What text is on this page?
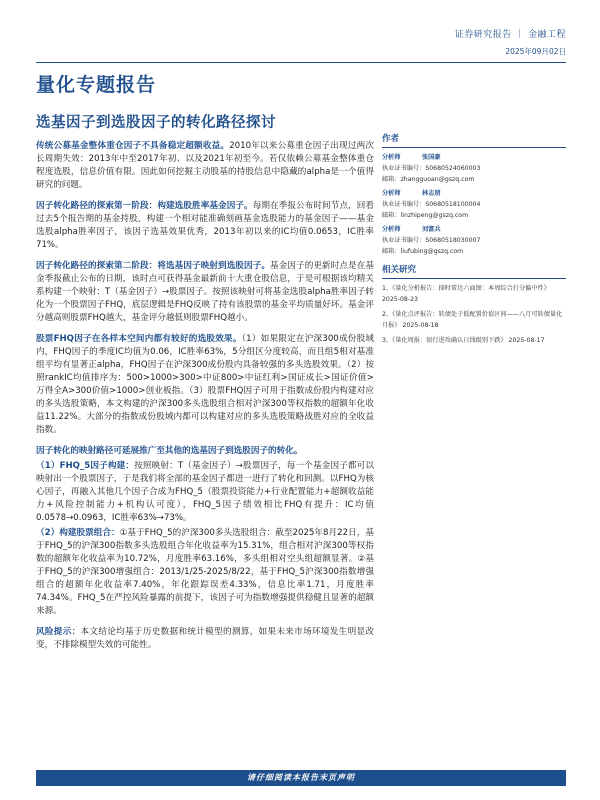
证券研究报告 ｜ 金融工程
2025年09月02日
量化专题报告
选基因子到选股因子的转化路径探讨

传统公募基金整体重仓因子不具备稳定超额收益。2010年以来公募重仓因子出现过两次长周期失效：2013年中至2017年初、以及2021年初至今。若仅依赖公募基金整体重仓程度选股，信息价值有限。因此如何挖掘主动股基的持股信息中隐藏的alpha是一个值得研究的问题。

因子转化路径的探索第一阶段：构建选股胜率基金因子。每期在季报公布时间节点，回看过去5个报告期的基金持股，构建一个相对能准确刻画基金选股能力的基金因子——基金选股alpha胜率因子，该因子选基效果优秀，2013年初以来的IC均值0.0653，IC胜率71%。

因子转化路径的探索第二阶段：将选基因子映射到选股因子。基金因子的更新时点是在基金季报截止公布的日期，该时点可获得基金最新前十大重仓股信息，于是可根据该均精关系构建一个映射：T（基金因子）→股票因子。按照该映射可将基金选股alpha胜率因子转化为一个股票因子FHQ，底层逻辑是FHQ反映了持有该股票的基金平均质量好坏。基金评分越高则股票FHQ越大，基金评分越低则股票FHQ越小。

股票FHQ因子在各样本空间内都有较好的选股效果。（1）如果限定在沪深300成份股域内，FHQ因子的季度IC均值为0.06，IC胜率63%，5分组区分度较高，而且组5相对基准组平均有显著正alpha，FHQ因子在沪深300成份股内具备较强的多头选股效果。（2）按照rankIC均值排序为：500>1000>300>中证800>中证红利>国证成长>国证价值>万得全A>300价值>1000>创业板指。（3）股票FHQ因子可用于指数成份股内构建对应的多头选股策略，本文构建的沪深300多头选股组合相对沪深300等权指数的超额年化收益11.22%。大部分的指数成份股域内都可以构建对应的多头选股策略战胜对应的全收益指数。

因子转化的映射路径可延展推广至其他的选基因子到选股因子的转化。

（1）FHQ_5因子构建：按照映射：T（基金因子）→股票因子，每一个基金因子都可以映射出一个股票因子，于是我们将全部的基金因子都进一进行了转化和回测。以FHQ为核心因子，再融入其他几个因子合成为FHQ_5（股票投资能力+行业配置能力+超额收益能力+风险控制能力+机构认可度），FHQ_5因子绩效相比FHQ有提升：IC均值0.0578→0.0963，IC胜率63%→73%。

（2）构建股票组合：①基于FHQ_5的沪深300多头选股组合：截至2025年8月22日，基于FHQ_5的沪深300指数多头选股组合年化收益率为15.31%，组合相对沪深300等权指数的超额年化收益率为10.72%，月度胜率63.16%，多头组相对空头组超额显著。②基于FHQ_5的沪深300增强组合：2013/1/25-2025/8/22，基于FHQ_5沪深300指数增强组合的超额年化收益率7.40%，年化跟踪误差4.33%，信息比率1.71，月度胜率74.34%。FHQ_5在严控风险暴露的前提下，该因子可为指数增强提供稳健且显著的超额来源。

风险提示：本文结论均基于历史数据和统计模型的测算，如果未来市场环境发生明显改变，不排除模型失效的可能性。

作者
分析师	张国豪
执业证书编号：S0680524060003
邮箱：zhangguoan@gszq.com
分析师	林志朋
执业证书编号：S0680518100004
邮箱：linzhipeng@gszq.com
分析师	刘富兵
执业证书编号：S0680518030007
邮箱：liufubing@gszq.com
相关研究
1、《量化分析报告：择时雷达六面图：本周综合打分偏中性》 2025-08-23
2、《量化点评报告：转债处于低配置价值区间——八月可转债量化月报》 2025-08-18
3、《量化周报：银行进攻确认日线级别下跌》 2025-08-17
请仔细阅读本报告末页声明
